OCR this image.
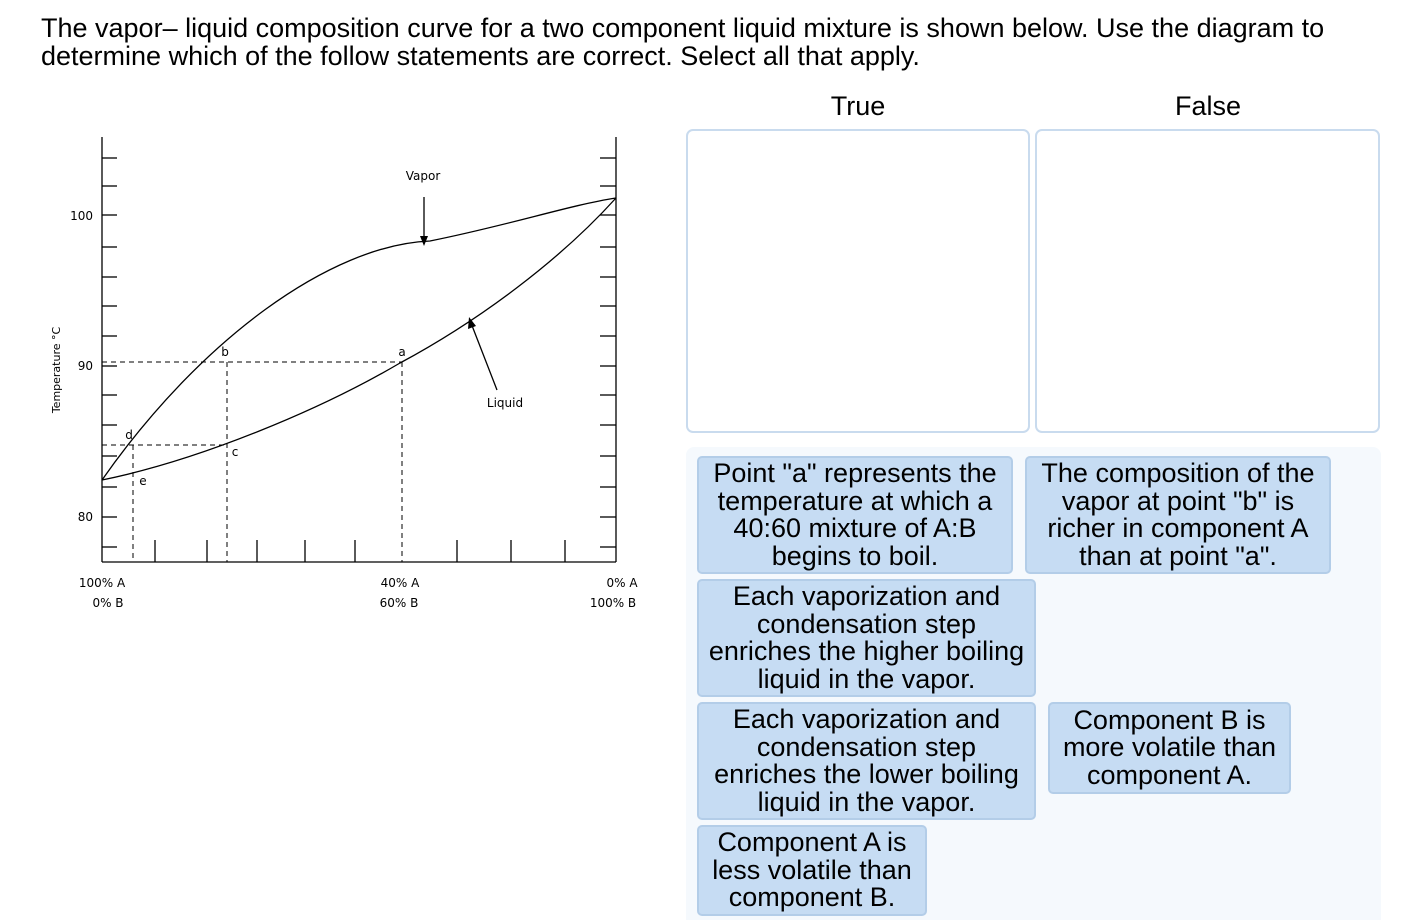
The vapor– liquid composition curve for a two component liquid mixture is shown below. Use the diagram to determine which of the follow statements are correct. Select all that apply.
100
90
80
Temperature °C
100% A
0% B
40% A
60% B
0% A
100% B
Vapor
Liquid
a
b
c
d
e
True	False
Point "a" represents the temperature at which a 40:60 mixture of A:B begins to boil.
The composition of the vapor at point "b" is richer in component A than at point "a".
Each vaporization and condensation step enriches the higher boiling liquid in the vapor.
Each vaporization and condensation step enriches the lower boiling liquid in the vapor.
Component B is more volatile than component A.
Component A is less volatile than component B.
